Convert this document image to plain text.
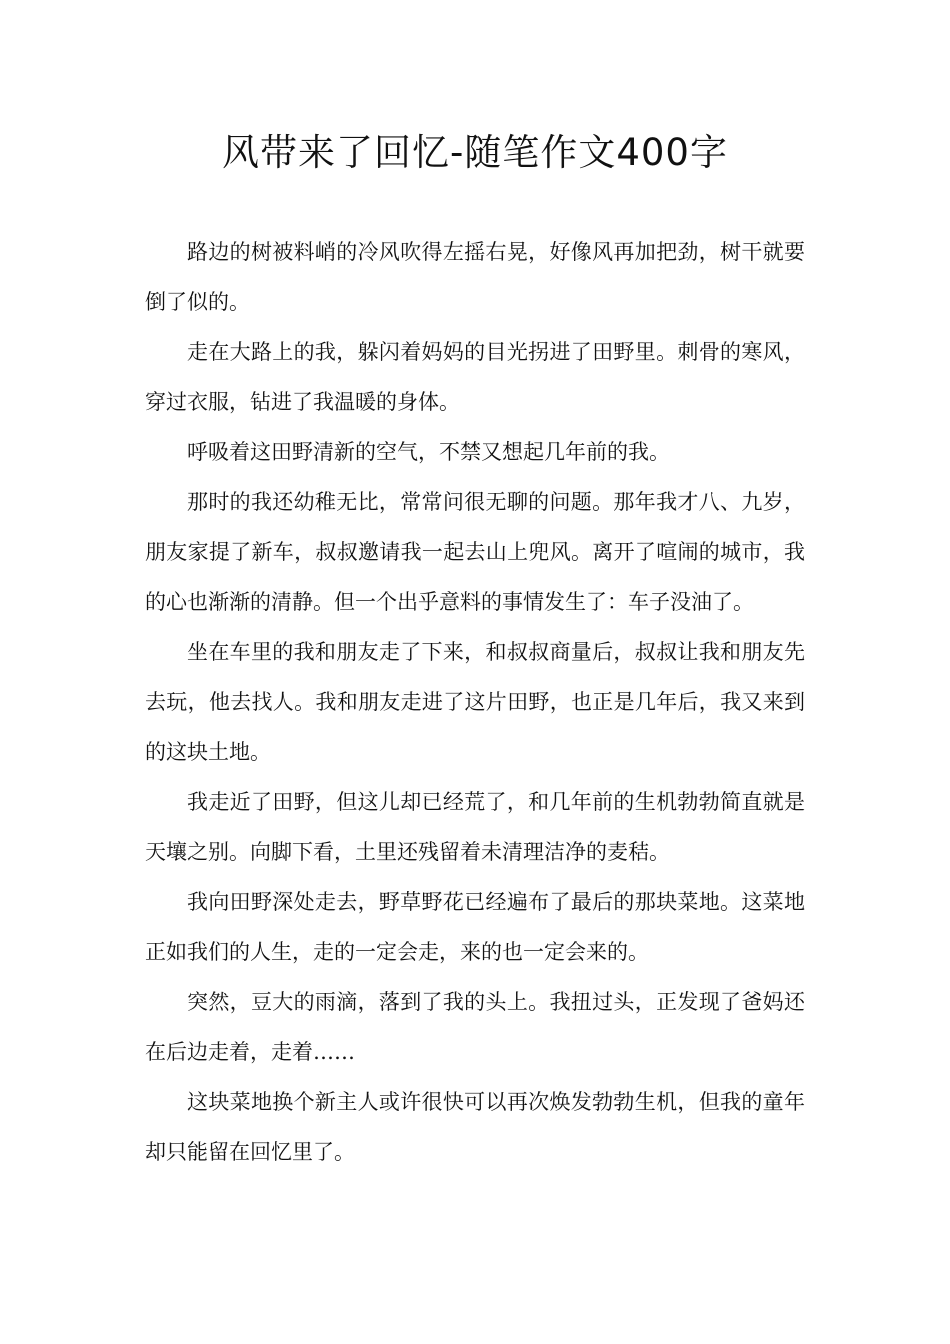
风带来了回忆-随笔作文400字

路边的树被料峭的冷风吹得左摇右晃，好像风再加把劲，树干就要倒了似的。

走在大路上的我，躲闪着妈妈的目光拐进了田野里。刺骨的寒风，穿过衣服，钻进了我温暖的身体。

呼吸着这田野清新的空气，不禁又想起几年前的我。

那时的我还幼稚无比，常常问很无聊的问题。那年我才八、九岁，朋友家提了新车，叔叔邀请我一起去山上兜风。离开了喧闹的城市，我的心也渐渐的清静。但一个出乎意料的事情发生了：车子没油了。

坐在车里的我和朋友走了下来，和叔叔商量后，叔叔让我和朋友先去玩，他去找人。我和朋友走进了这片田野，也正是几年后，我又来到的这块土地。

我走近了田野，但这儿却已经荒了，和几年前的生机勃勃简直就是天壤之别。向脚下看，土里还残留着未清理洁净的麦秸。

我向田野深处走去，野草野花已经遍布了最后的那块菜地。这菜地正如我们的人生，走的一定会走，来的也一定会来的。

突然，豆大的雨滴，落到了我的头上。我扭过头，正发现了爸妈还在后边走着，走着……

这块菜地换个新主人或许很快可以再次焕发勃勃生机，但我的童年却只能留在回忆里了。
